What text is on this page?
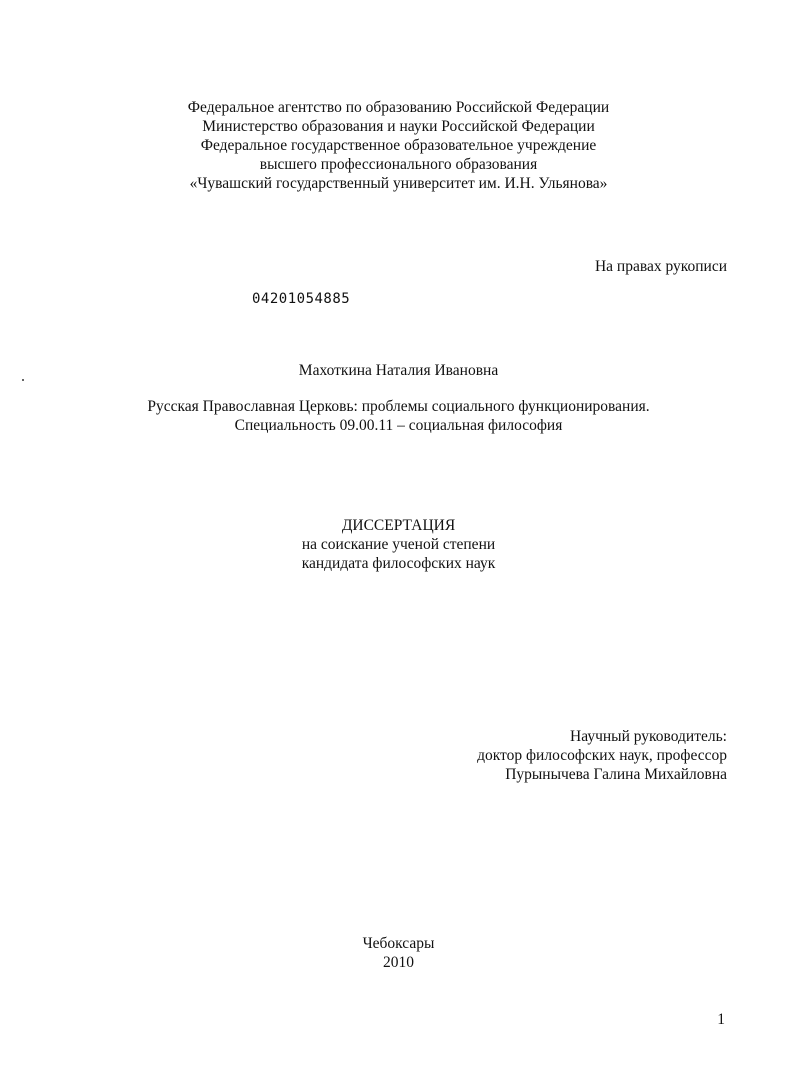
Федеральное агентство по образованию Российской Федерации
Министерство образования и науки Российской Федерации
Федеральное государственное образовательное учреждение
высшего профессионального образования
«Чувашский государственный университет им. И.Н. Ульянова»
На правах рукописи
04201054885
Махоткина Наталия Ивановна
Русская Православная Церковь: проблемы социального функционирования.
Специальность 09.00.11 – социальная философия
ДИССЕРТАЦИЯ
на соискание ученой степени
кандидата философских наук
Научный руководитель:
доктор философских наук, профессор
Пурынычева Галина Михайловна
Чебоксары
2010
1
